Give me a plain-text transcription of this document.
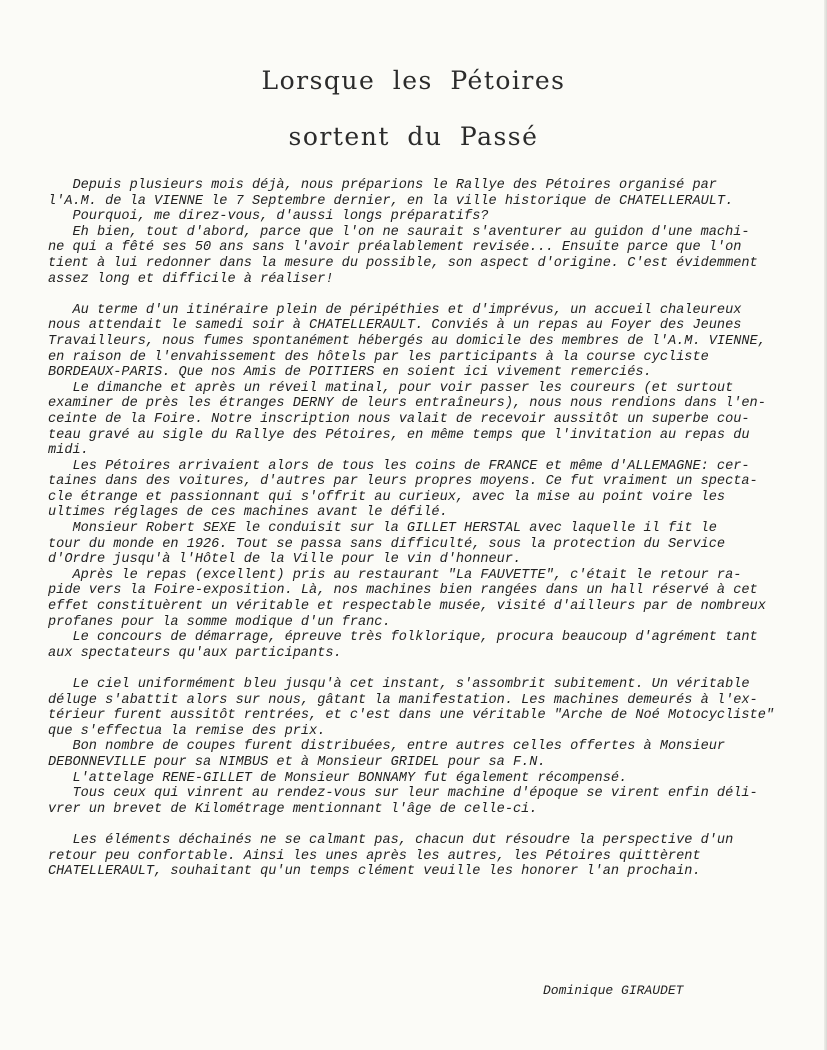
Lorsque les Pétoires
sortent du Passé
Depuis plusieurs mois déjà, nous préparions le Rallye des Pétoires organisé par
l'A.M. de la VIENNE le 7 Septembre dernier, en la ville historique de CHATELLERAULT.
Pourquoi, me direz-vous, d'aussi longs préparatifs?
Eh bien, tout d'abord, parce que l'on ne saurait s'aventurer au guidon d'une machi-
ne qui a fêté ses 50 ans sans l'avoir préalablement revisée... Ensuite parce que l'on
tient à lui redonner dans la mesure du possible, son aspect d'origine. C'est évidemment
assez long et difficile à réaliser!
Au terme d'un itinéraire plein de péripéthies et d'imprévus, un accueil chaleureux
nous attendait le samedi soir à CHATELLERAULT. Conviés à un repas au Foyer des Jeunes
Travailleurs, nous fumes spontanément hébergés au domicile des membres de l'A.M. VIENNE,
en raison de l'envahissement des hôtels par les participants à la course cycliste
BORDEAUX-PARIS. Que nos Amis de POITIERS en soient ici vivement remerciés.
Le dimanche et après un réveil matinal, pour voir passer les coureurs (et surtout
examiner de près les étranges DERNY de leurs entraîneurs), nous nous rendions dans l'en-
ceinte de la Foire. Notre inscription nous valait de recevoir aussitôt un superbe cou-
teau gravé au sigle du Rallye des Pétoires, en même temps que l'invitation au repas du
midi.
Les Pétoires arrivaient alors de tous les coins de FRANCE et même d'ALLEMAGNE: cer-
taines dans des voitures, d'autres par leurs propres moyens. Ce fut vraiment un specta-
cle étrange et passionnant qui s'offrit au curieux, avec la mise au point voire les
ultimes réglages de ces machines avant le défilé.
Monsieur Robert SEXE le conduisit sur la GILLET HERSTAL avec laquelle il fit le
tour du monde en 1926. Tout se passa sans difficulté, sous la protection du Service
d'Ordre jusqu'à l'Hôtel de la Ville pour le vin d'honneur.
Après le repas (excellent) pris au restaurant "La FAUVETTE", c'était le retour ra-
pide vers la Foire-exposition. Là, nos machines bien rangées dans un hall réservé à cet
effet constituèrent un véritable et respectable musée, visité d'ailleurs par de nombreux
profanes pour la somme modique d'un franc.
Le concours de démarrage, épreuve très folklorique, procura beaucoup d'agrément tant
aux spectateurs qu'aux participants.
Le ciel uniformément bleu jusqu'à cet instant, s'assombrit subitement. Un véritable
déluge s'abattit alors sur nous, gâtant la manifestation. Les machines demeurés à l'ex-
térieur furent aussitôt rentrées, et c'est dans une véritable "Arche de Noé Motocycliste"
que s'effectua la remise des prix.
Bon nombre de coupes furent distribuées, entre autres celles offertes à Monsieur
DEBONNEVILLE pour sa NIMBUS et à Monsieur GRIDEL pour sa F.N.
L'attelage RENE-GILLET de Monsieur BONNAMY fut également récompensé.
Tous ceux qui vinrent au rendez-vous sur leur machine d'époque se virent enfin déli-
vrer un brevet de Kilométrage mentionnant l'âge de celle-ci.
Les éléments déchainés ne se calmant pas, chacun dut résoudre la perspective d'un
retour peu confortable. Ainsi les unes après les autres, les Pétoires quittèrent
CHATELLERAULT, souhaitant qu'un temps clément veuille les honorer l'an prochain.
Dominique GIRAUDET
